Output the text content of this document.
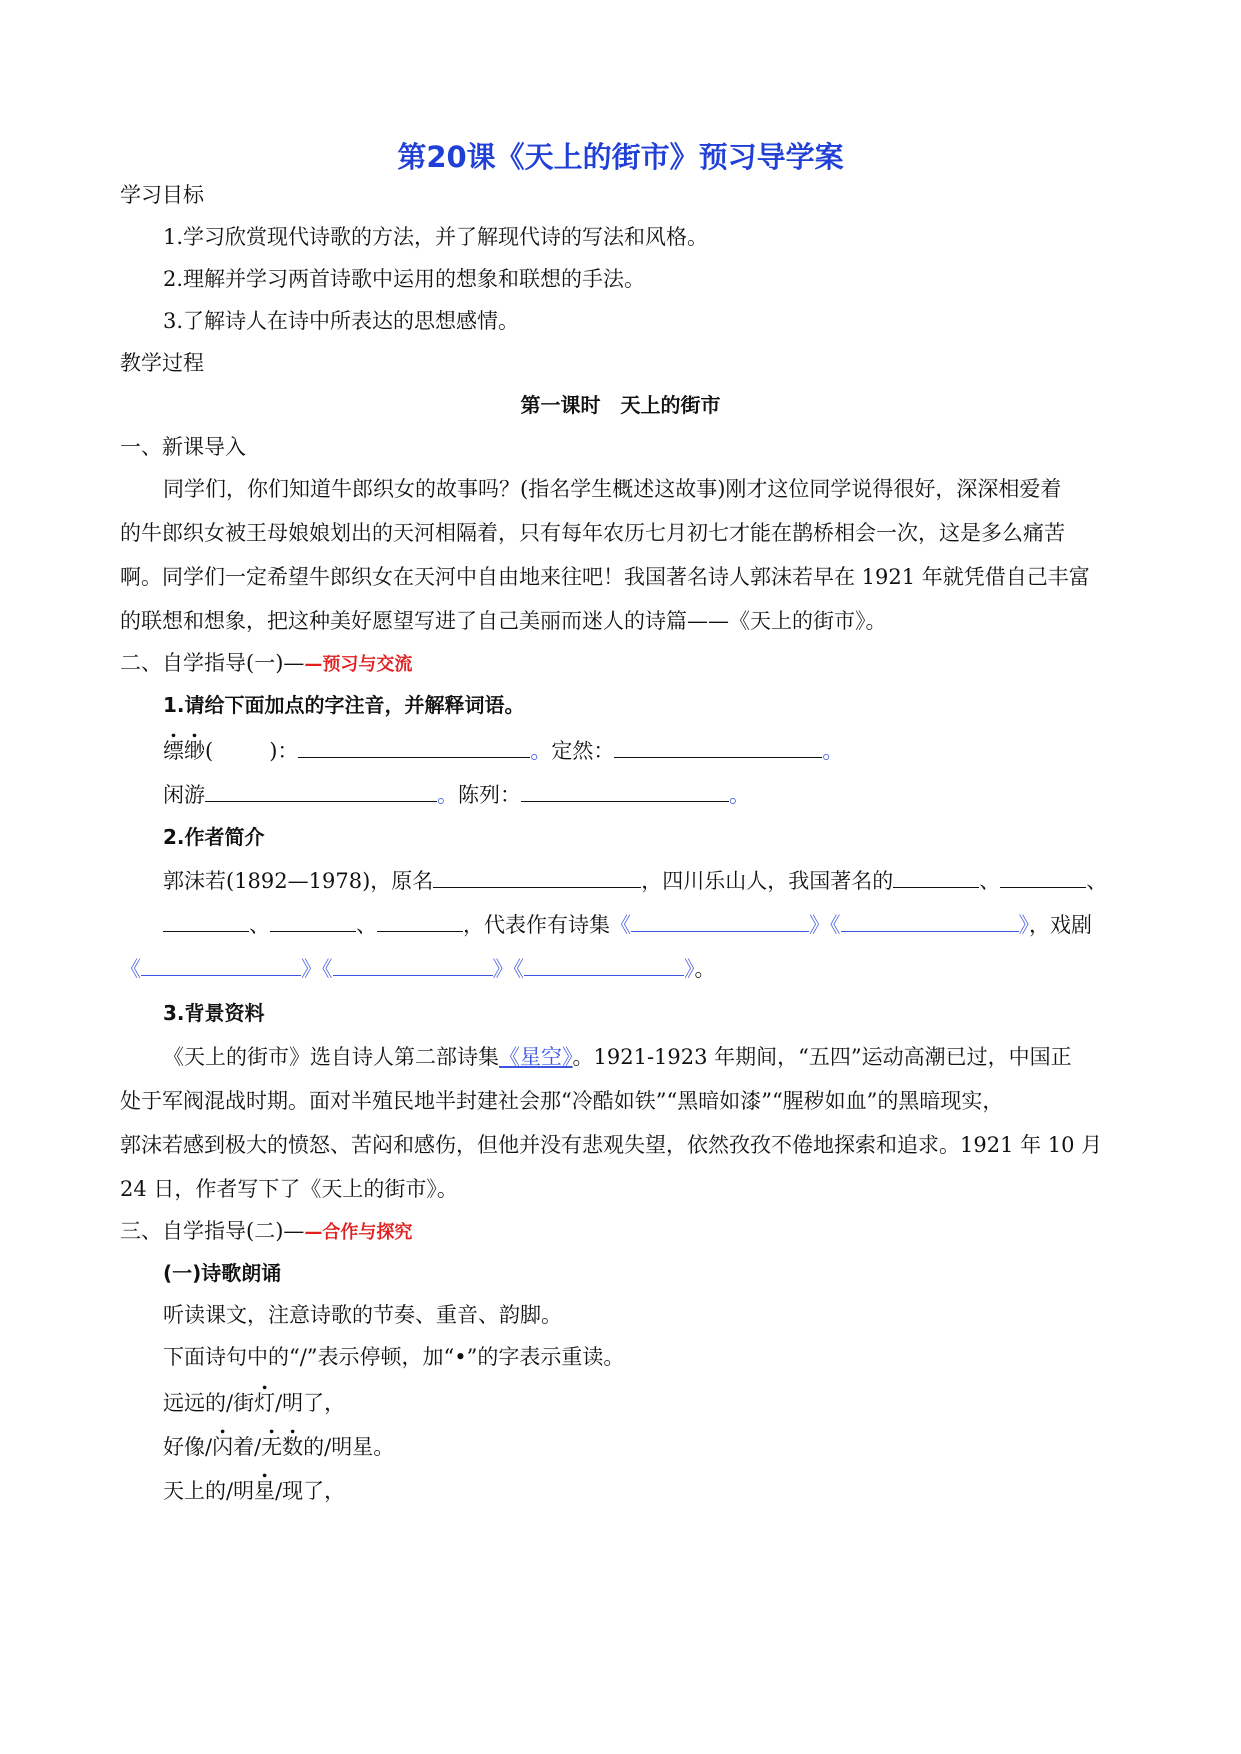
第20课《天上的街市》预习导学案
学习目标
1.学习欣赏现代诗歌的方法，并了解现代诗的写法和风格。
2.理解并学习两首诗歌中运用的想象和联想的手法。
3.了解诗人在诗中所表达的思想感情。
教学过程
第一课时　天上的街市
一、新课导入
同学们，你们知道牛郎织女的故事吗？(指名学生概述这故事)刚才这位同学说得很好，深深相爱着
的牛郎织女被王母娘娘划出的天河相隔着，只有每年农历七月初七才能在鹊桥相会一次，这是多么痛苦
啊。同学们一定希望牛郎织女在天河中自由地来往吧！我国著名诗人郭沫若早在 1921 年就凭借自己丰富
的联想和想象，把这种美好愿望写进了自己美丽而迷人的诗篇——《天上的街市》。
二、自学指导(一)——预习与交流
1.请给下面加点的字注音，并解释词语。
缥缈(	)：	。定然：	。
闲游	。陈列：	。
2.作者简介
郭沫若(1892—1978)，原名	，四川乐山人，我国著名的	、	、
、	、	，代表作有诗集《	》《	》，戏剧
《	》《	》《	》。
3.背景资料
《天上的街市》选自诗人第二部诗集《星空》。1921-1923 年期间，“五四”运动高潮已过，中国正
处于军阀混战时期。面对半殖民地半封建社会那“冷酷如铁”“黑暗如漆”“腥秽如血”的黑暗现实，
郭沫若感到极大的愤怒、苦闷和感伤，但他并没有悲观失望，依然孜孜不倦地探索和追求。1921 年 10 月
24 日，作者写下了《天上的街市》。
三、自学指导(二)——合作与探究
(一)诗歌朗诵
听读课文，注意诗歌的节奏、重音、韵脚。
下面诗句中的“/”表示停顿，加“•”的字表示重读。
远远的/街灯/明了，
好像/闪着/无数的/明星。
天上的/明星/现了，
